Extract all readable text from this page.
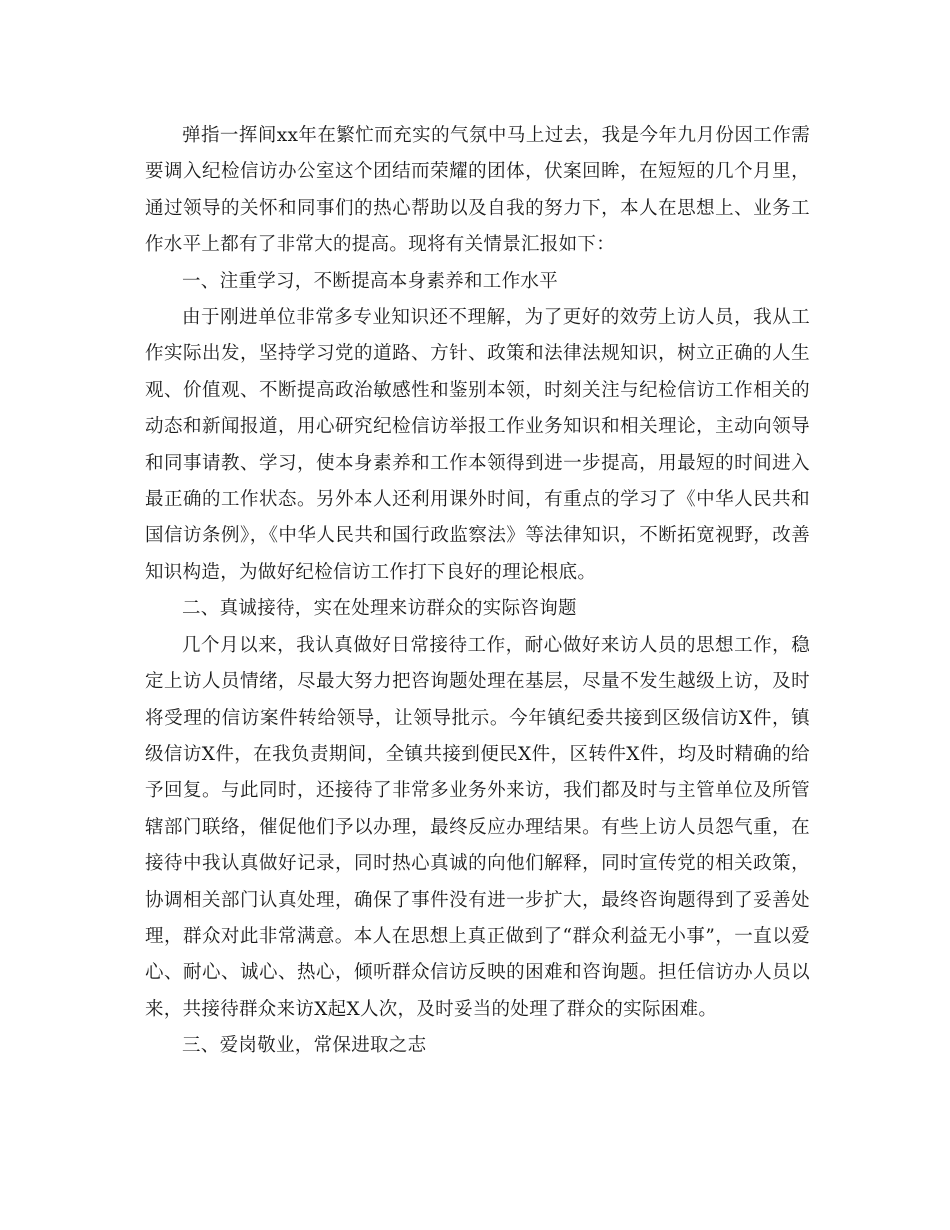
弹指一挥间xx年在繁忙而充实的气氛中马上过去，我是今年九月份因工作需要调入纪检信访办公室这个团结而荣耀的团体，伏案回眸，在短短的几个月里，通过领导的关怀和同事们的热心帮助以及自我的努力下，本人在思想上、业务工作水平上都有了非常大的提高。现将有关情景汇报如下：

一、注重学习，不断提高本身素养和工作水平

由于刚进单位非常多专业知识还不理解，为了更好的效劳上访人员，我从工作实际出发，坚持学习党的道路、方针、政策和法律法规知识，树立正确的人生观、价值观、不断提高政治敏感性和鉴别本领，时刻关注与纪检信访工作相关的动态和新闻报道，用心研究纪检信访举报工作业务知识和相关理论，主动向领导和同事请教、学习，使本身素养和工作本领得到进一步提高，用最短的时间进入最正确的工作状态。另外本人还利用课外时间，有重点的学习了《中华人民共和国信访条例》，《中华人民共和国行政监察法》等法律知识，不断拓宽视野，改善知识构造，为做好纪检信访工作打下良好的理论根底。

二、真诚接待，实在处理来访群众的实际咨询题

几个月以来，我认真做好日常接待工作，耐心做好来访人员的思想工作，稳定上访人员情绪，尽最大努力把咨询题处理在基层，尽量不发生越级上访，及时将受理的信访案件转给领导，让领导批示。今年镇纪委共接到区级信访X件，镇级信访X件，在我负责期间，全镇共接到便民X件，区转件X件，均及时精确的给予回复。与此同时，还接待了非常多业务外来访，我们都及时与主管单位及所管辖部门联络，催促他们予以办理，最终反应办理结果。有些上访人员怨气重，在接待中我认真做好记录，同时热心真诚的向他们解释，同时宣传党的相关政策，协调相关部门认真处理，确保了事件没有进一步扩大，最终咨询题得到了妥善处理，群众对此非常满意。本人在思想上真正做到了“群众利益无小事”，一直以爱心、耐心、诚心、热心，倾听群众信访反映的困难和咨询题。担任信访办人员以来，共接待群众来访X起X人次，及时妥当的处理了群众的实际困难。

三、爱岗敬业，常保进取之志
